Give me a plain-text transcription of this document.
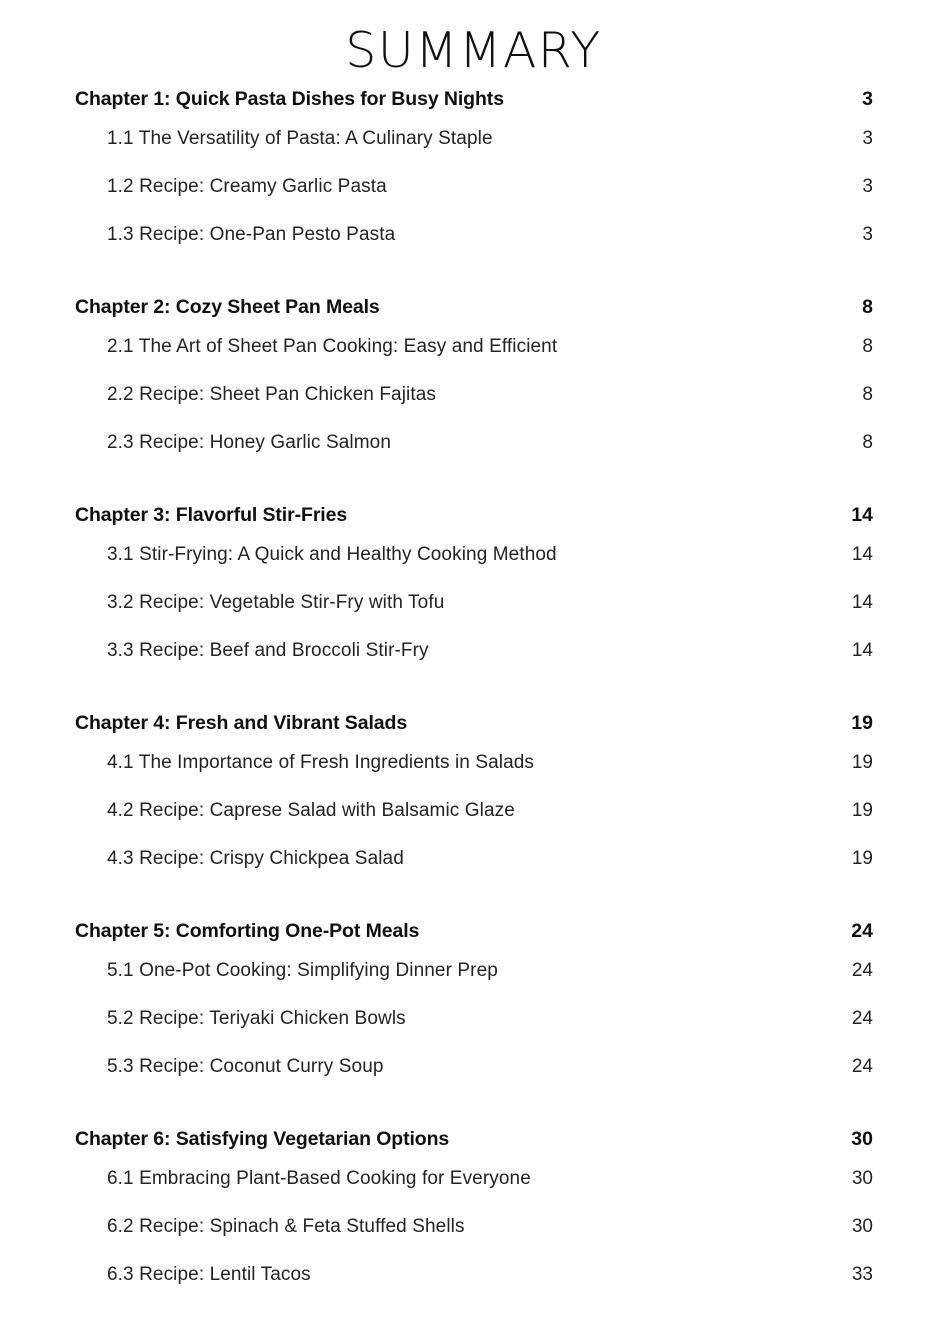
SUMMARY
Chapter 1: Quick Pasta Dishes for Busy Nights	3
1.1 The Versatility of Pasta: A Culinary Staple	3
1.2 Recipe: Creamy Garlic Pasta	3
1.3 Recipe: One-Pan Pesto Pasta	3
Chapter 2: Cozy Sheet Pan Meals	8
2.1 The Art of Sheet Pan Cooking: Easy and Efficient	8
2.2 Recipe: Sheet Pan Chicken Fajitas	8
2.3 Recipe: Honey Garlic Salmon	8
Chapter 3: Flavorful Stir-Fries	14
3.1 Stir-Frying: A Quick and Healthy Cooking Method	14
3.2 Recipe: Vegetable Stir-Fry with Tofu	14
3.3 Recipe: Beef and Broccoli Stir-Fry	14
Chapter 4: Fresh and Vibrant Salads	19
4.1 The Importance of Fresh Ingredients in Salads	19
4.2 Recipe: Caprese Salad with Balsamic Glaze	19
4.3 Recipe: Crispy Chickpea Salad	19
Chapter 5: Comforting One-Pot Meals	24
5.1 One-Pot Cooking: Simplifying Dinner Prep	24
5.2 Recipe: Teriyaki Chicken Bowls	24
5.3 Recipe: Coconut Curry Soup	24
Chapter 6: Satisfying Vegetarian Options	30
6.1 Embracing Plant-Based Cooking for Everyone	30
6.2 Recipe: Spinach & Feta Stuffed Shells	30
6.3 Recipe: Lentil Tacos	33
